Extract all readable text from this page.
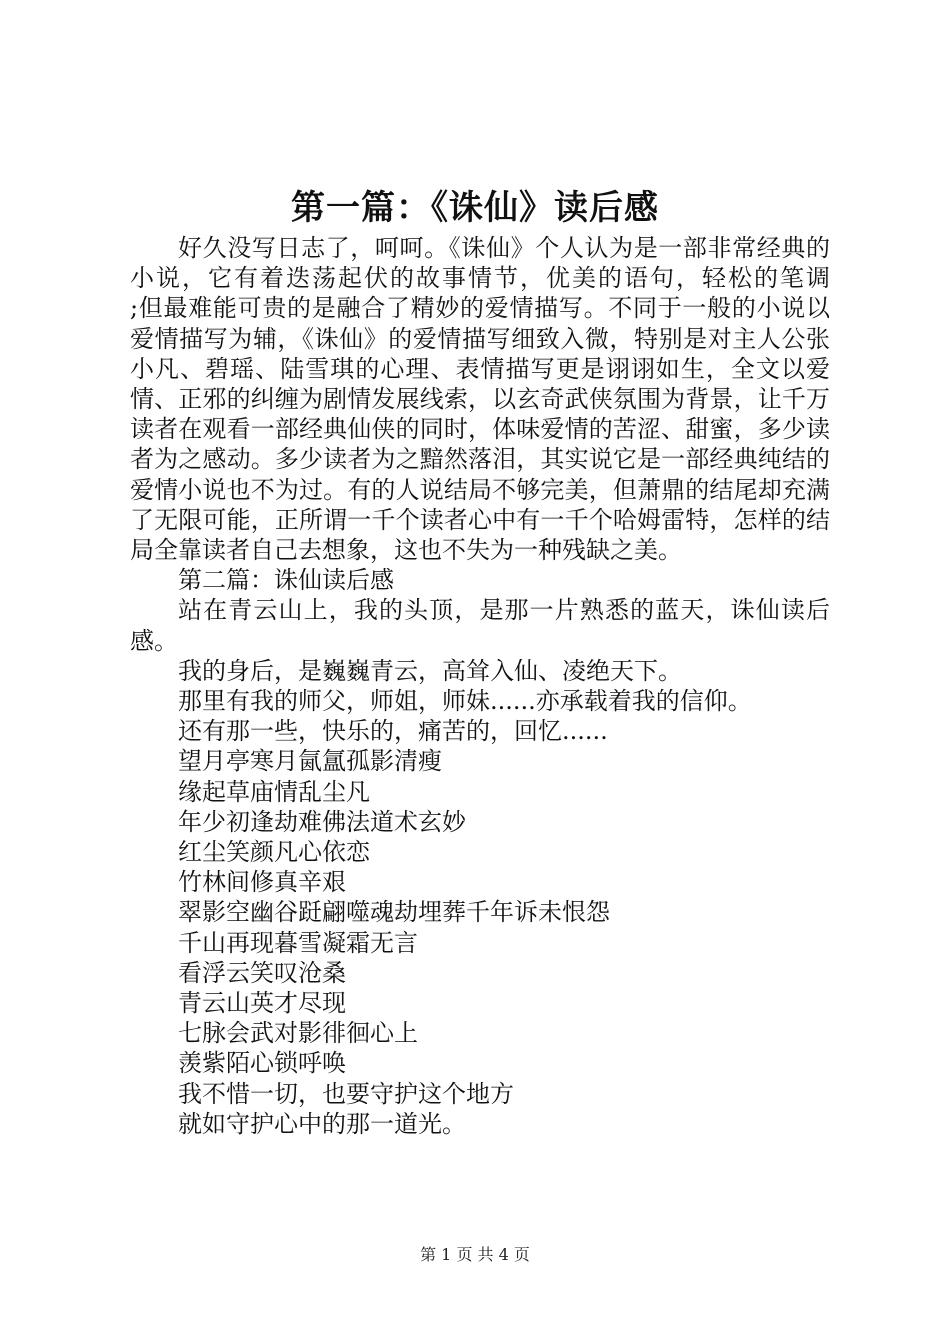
第一篇：《诛仙》读后感

好久没写日志了，呵呵。《诛仙》个人认为是一部非常经典的小说，它有着迭荡起伏的故事情节，优美的语句，轻松的笔调

;但最难能可贵的是融合了精妙的爱情描写。不同于一般的小说以爱情描写为辅，《诛仙》的爱情描写细致入微，特别是对主人公张小凡、碧瑶、陆雪琪的心理、表情描写更是诩诩如生，全文以爱情、正邪的纠缠为剧情发展线索，以玄奇武侠氛围为背景，让千万读者在观看一部经典仙侠的同时，体味爱情的苦涩、甜蜜，多少读者为之感动。多少读者为之黯然落泪，其实说它是一部经典纯结的爱情小说也不为过。有的人说结局不够完美，但萧鼎的结尾却充满了无限可能，正所谓一千个读者心中有一千个哈姆雷特，怎样的结局全靠读者自己去想象，这也不失为一种残缺之美。

第二篇：诛仙读后感

站在青云山上，我的头顶，是那一片熟悉的蓝天，诛仙读后感。

我的身后，是巍巍青云，高耸入仙、凌绝天下。

那里有我的师父，师姐，师妹......亦承载着我的信仰。

还有那一些，快乐的，痛苦的，回忆......

望月亭寒月氤氲孤影清瘦

缘起草庙情乱尘凡

年少初逢劫难佛法道术玄妙

红尘笑颜凡心依恋

竹林间修真辛艰

翠影空幽谷跹翩噬魂劫埋葬千年诉未恨怨

千山再现暮雪凝霜无言

看浮云笑叹沧桑

青云山英才尽现

七脉会武对影徘徊心上

羡紫陌心锁呼唤

我不惜一切，也要守护这个地方

就如守护心中的那一道光。

第 1 页 共 4 页
